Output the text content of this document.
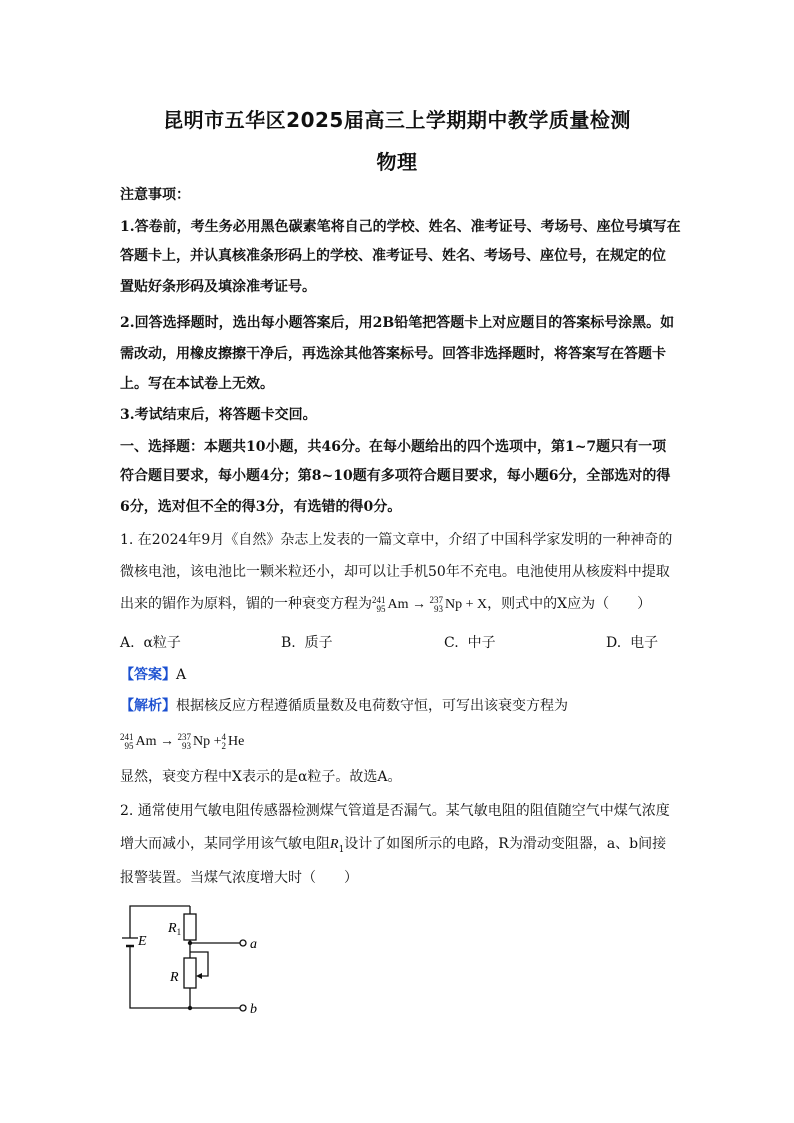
昆明市五华区2025届高三上学期期中教学质量检测
物理
注意事项：
1.答卷前，考生务必用黑色碳素笔将自己的学校、姓名、准考证号、考场号、座位号填写在
答题卡上，并认真核准条形码上的学校、准考证号、姓名、考场号、座位号，在规定的位
置贴好条形码及填涂准考证号。
2.回答选择题时，选出每小题答案后，用2B铅笔把答题卡上对应题目的答案标号涂黑。如
需改动，用橡皮擦擦干净后，再选涂其他答案标号。回答非选择题时，将答案写在答题卡
上。写在本试卷上无效。
3.考试结束后，将答题卡交回。
一、选择题：本题共10小题，共46分。在每小题给出的四个选项中，第1~7题只有一项
符合题目要求，每小题4分；第8~10题有多项符合题目要求，每小题6分，全部选对的得
6分，选对但不全的得3分，有选错的得0分。
1. 在2024年9月《自然》杂志上发表的一篇文章中，介绍了中国科学家发明的一种神奇的
微核电池，该电池比一颗米粒还小，却可以让手机50年不充电。电池使用从核废料中提取
出来的镅作为原料，镅的一种衰变方程为 241
95 Am → 237
93 Np + X，则式中的X应为（　　）
A. α粒子	B. 质子	C. 中子	D. 电子
【答案】A
【解析】根据核反应方程遵循质量数及电荷数守恒，可写出该衰变方程为
241
95 Am → 237
93 Np + 4
2 He
显然，衰变方程中X表示的是α粒子。故选A。
2. 通常使用气敏电阻传感器检测煤气管道是否漏气。某气敏电阻的阻值随空气中煤气浓度
增大而减小，某同学用该气敏电阻$R_1$设计了如图所示的电路，R为滑动变阻器，a、b间接
报警装置。当煤气浓度增大时（　　）
E
$R_1$
R
a
b
